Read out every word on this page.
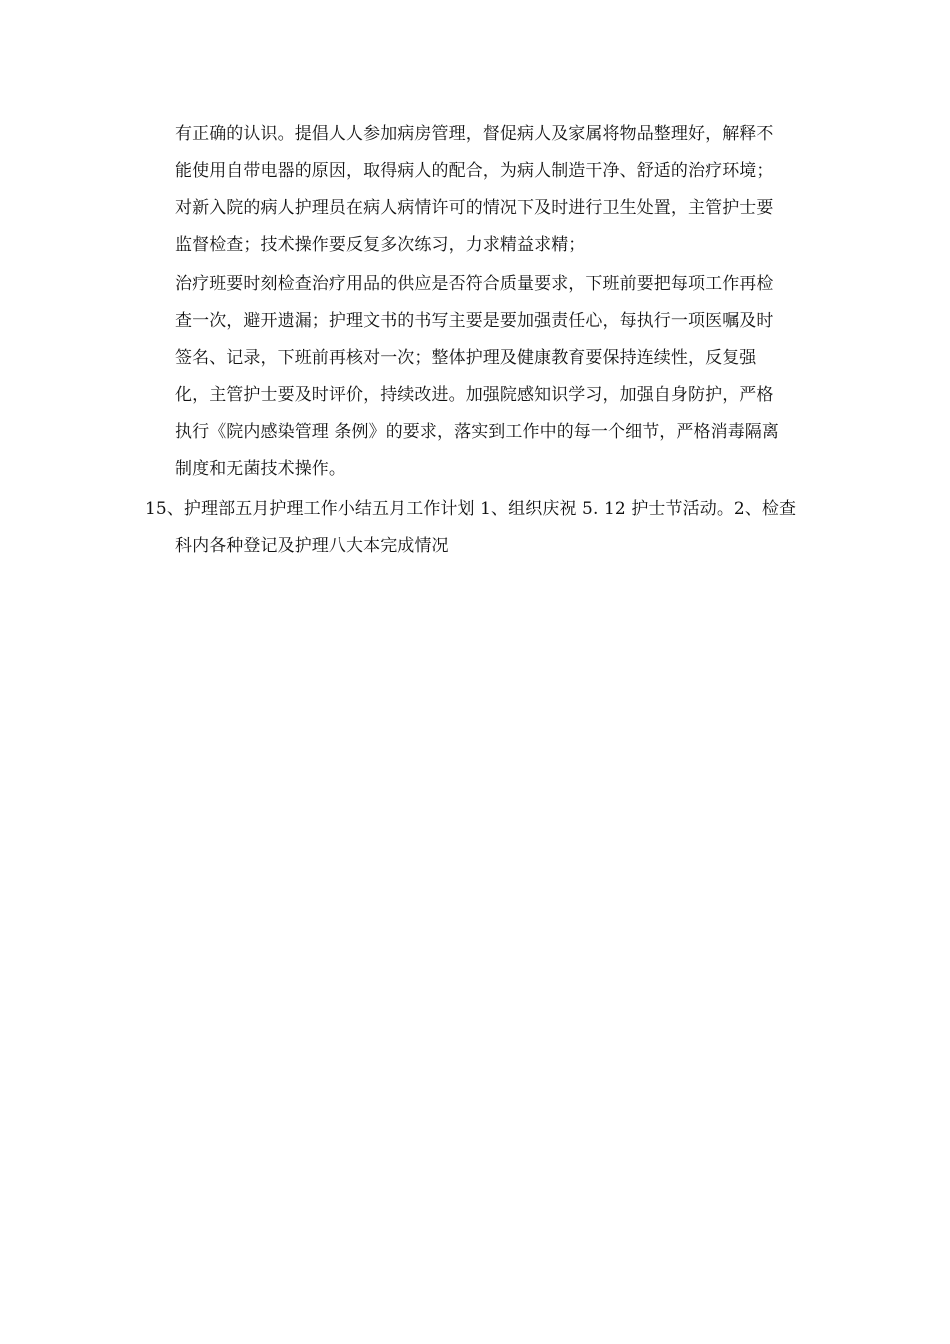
有正确的认识。提倡人人参加病房管理，督促病人及家属将物品整理好，解释不
能使用自带电器的原因，取得病人的配合，为病人制造干净、舒适的治疗环境；
对新入院的病人护理员在病人病情许可的情况下及时进行卫生处置，主管护士要
监督检查；技术操作要反复多次练习，力求精益求精；
治疗班要时刻检查治疗用品的供应是否符合质量要求，下班前要把每项工作再检
查一次，避开遗漏；护理文书的书写主要是要加强责任心，每执行一项医嘱及时
签名、记录，下班前再核对一次；整体护理及健康教育要保持连续性，反复强
化，主管护士要及时评价，持续改进。加强院感知识学习，加强自身防护，严格
执行《院内感染管理 条例》的要求，落实到工作中的每一个细节，严格消毒隔离
制度和无菌技术操作。
15、护理部五月护理工作小结五月工作计划 1、组织庆祝 5. 12 护士节活动。2、检查
科内各种登记及护理八大本完成情况
